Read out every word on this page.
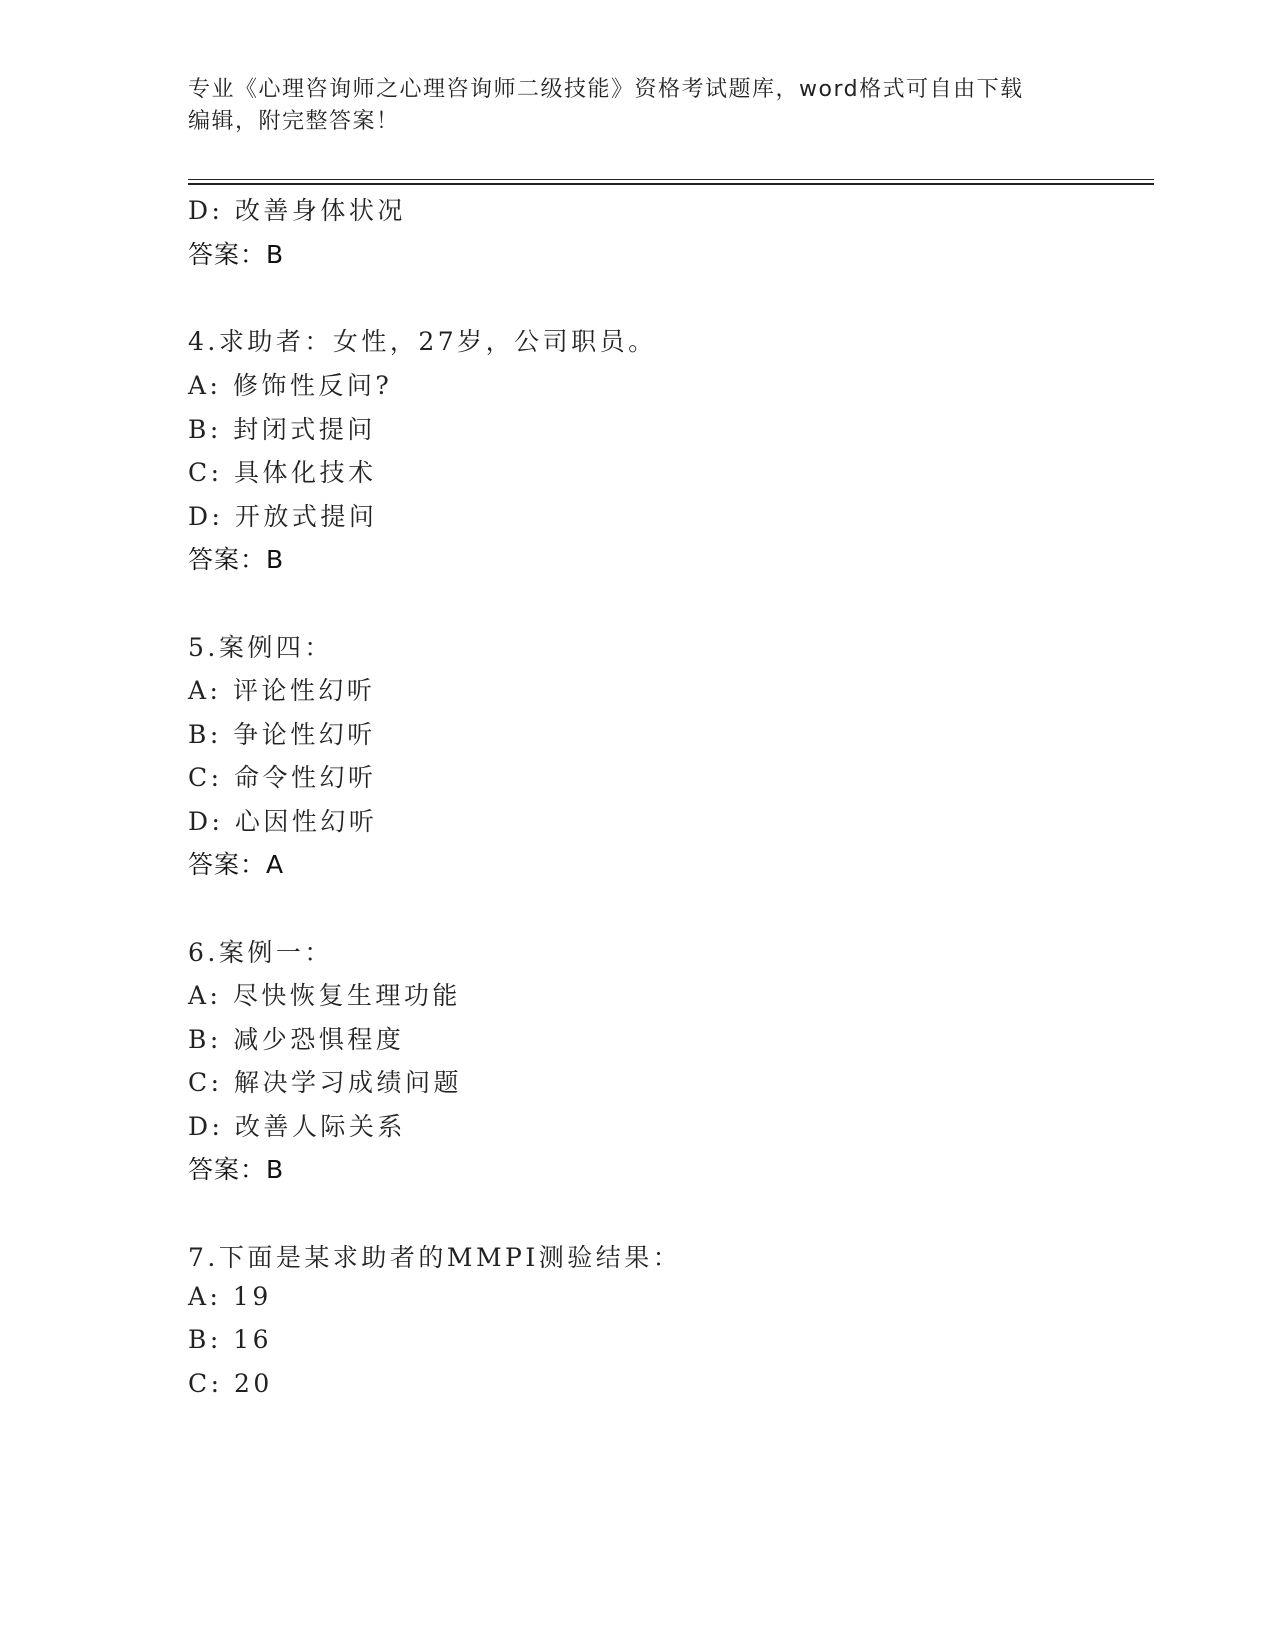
专业《心理咨询师之心理咨询师二级技能》资格考试题库，word格式可自由下载
编辑，附完整答案！
D: 改善身体状况
答案：B
4.求助者：女性，27岁，公司职员。
A: 修饰性反问?
B: 封闭式提问
C: 具体化技术
D: 开放式提问
答案：B
5.案例四：
A: 评论性幻听
B: 争论性幻听
C: 命令性幻听
D: 心因性幻听
答案：A
6.案例一：
A: 尽快恢复生理功能
B: 减少恐惧程度
C: 解决学习成绩问题
D: 改善人际关系
答案：B
7.下面是某求助者的MMPI测验结果：
A: 19
B: 16
C: 20
